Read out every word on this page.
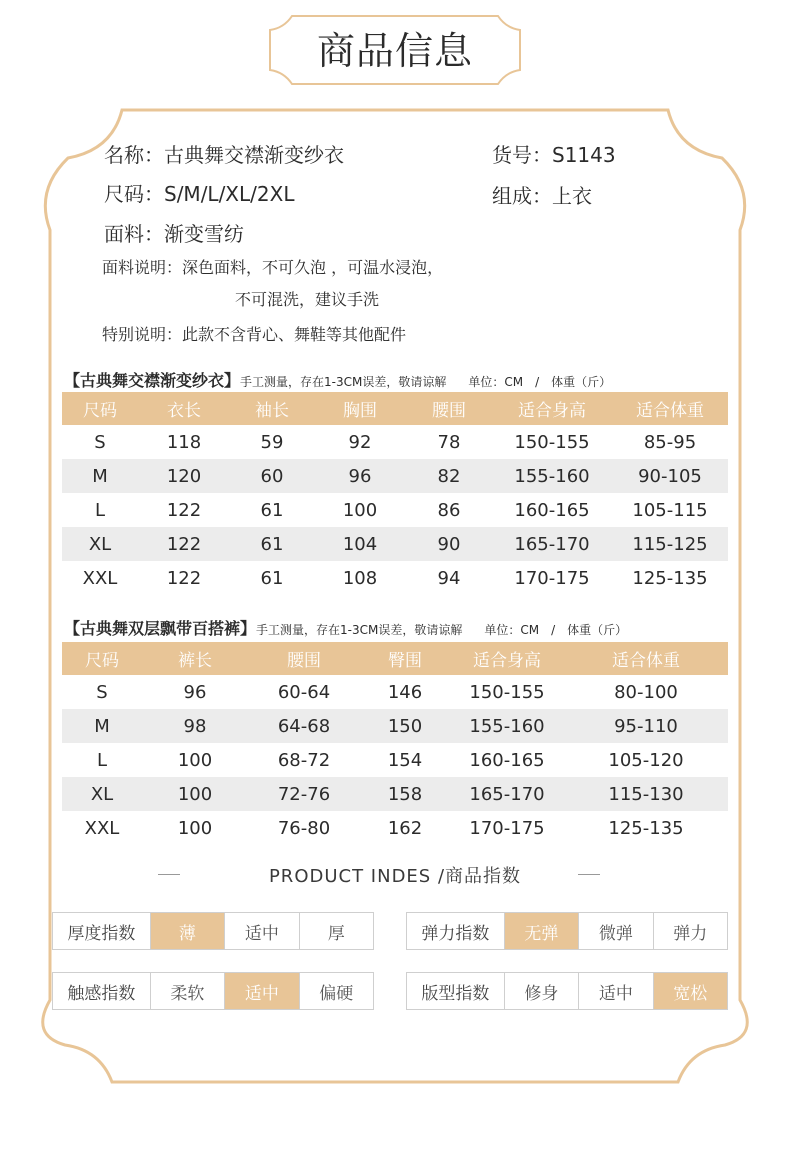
商品信息
名称：古典舞交襟渐变纱衣	货号：S1143
尺码：S/M/L/XL/2XL	组成：上衣
面料：渐变雪纺
面料说明：深色面料，不可久泡 ，可温水浸泡，
不可混洗，建议手洗
特别说明：此款不含背心、舞鞋等其他配件
【古典舞交襟渐变纱衣】手工测量，存在1-3CM误差，敬请谅解 单位：CM　/　体重（斤）
尺码	衣长	袖长	胸围	腰围	适合身高	适合体重
S	118	59	92	78	150-155	85-95
M	120	60	96	82	155-160	90-105
L	122	61	100	86	160-165	105-115
XL	122	61	104	90	165-170	115-125
XXL	122	61	108	94	170-175	125-135
【古典舞双层飘带百搭裤】手工测量，存在1-3CM误差，敬请谅解 单位：CM　/　体重（斤）
尺码	裤长	腰围	臀围	适合身高	适合体重
S	96	60-64	146	150-155	80-100
M	98	64-68	150	155-160	95-110
L	100	68-72	154	160-165	105-120
XL	100	72-76	158	165-170	115-130
XXL	100	76-80	162	170-175	125-135
PRODUCT INDES /商品指数
厚度指数	薄	适中	厚	弹力指数	无弹	微弹	弹力
触感指数	柔软	适中	偏硬	版型指数	修身	适中	宽松
